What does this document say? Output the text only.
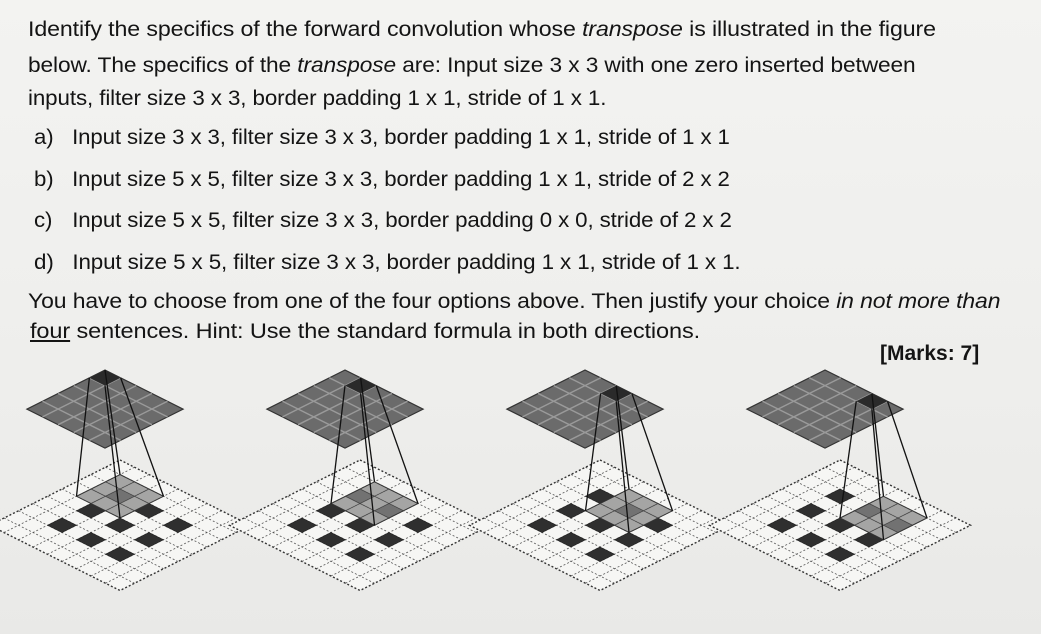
Identify the specifics of the forward convolution whose transpose is illustrated in the figure
below. The specifics of the transpose are: Input size 3 x 3 with one zero inserted between
inputs, filter size 3 x 3, border padding 1 x 1, stride of 1 x 1.
a) Input size 3 x 3, filter size 3 x 3, border padding 1 x 1, stride of 1 x 1
b) Input size 5 x 5, filter size 3 x 3, border padding 1 x 1, stride of 2 x 2
c) Input size 5 x 5, filter size 3 x 3, border padding 0 x 0, stride of 2 x 2
d) Input size 5 x 5, filter size 3 x 3, border padding 1 x 1, stride of 1 x 1.
You have to choose from one of the four options above. Then justify your choice in not more than
four sentences. Hint: Use the standard formula in both directions.
[Marks: 7]
